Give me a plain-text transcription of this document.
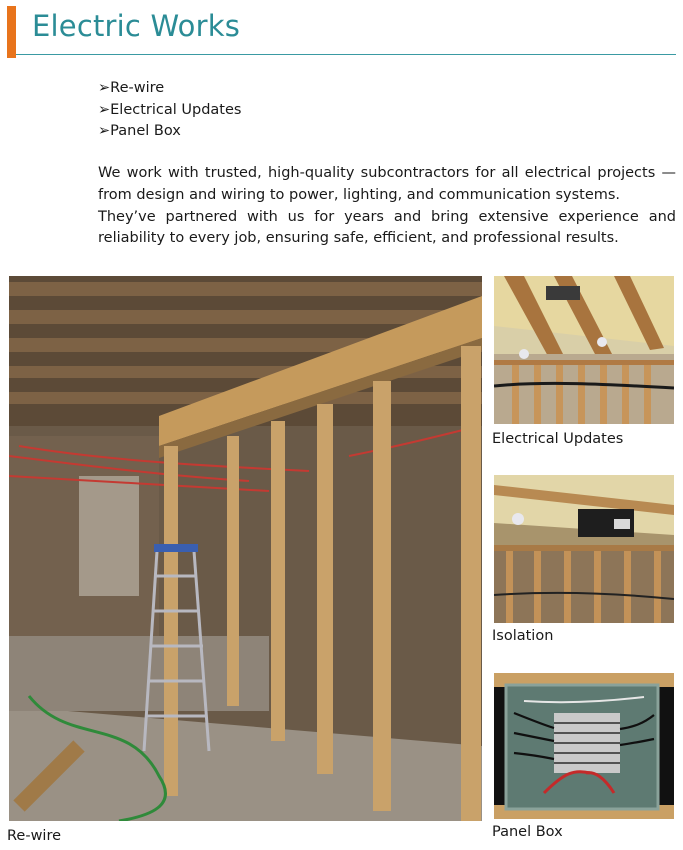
Electric Works
➢Re-wire
➢Electrical Updates
➢Panel Box

We work with trusted, high-quality subcontractors for all electrical projects — from design and wiring to power, lighting, and communication systems.

They’ve partnered with us for years and bring extensive experience and reliability to every job, ensuring safe, efficient, and professional results.

Re-wire
Electrical Updates
Isolation
Panel Box
